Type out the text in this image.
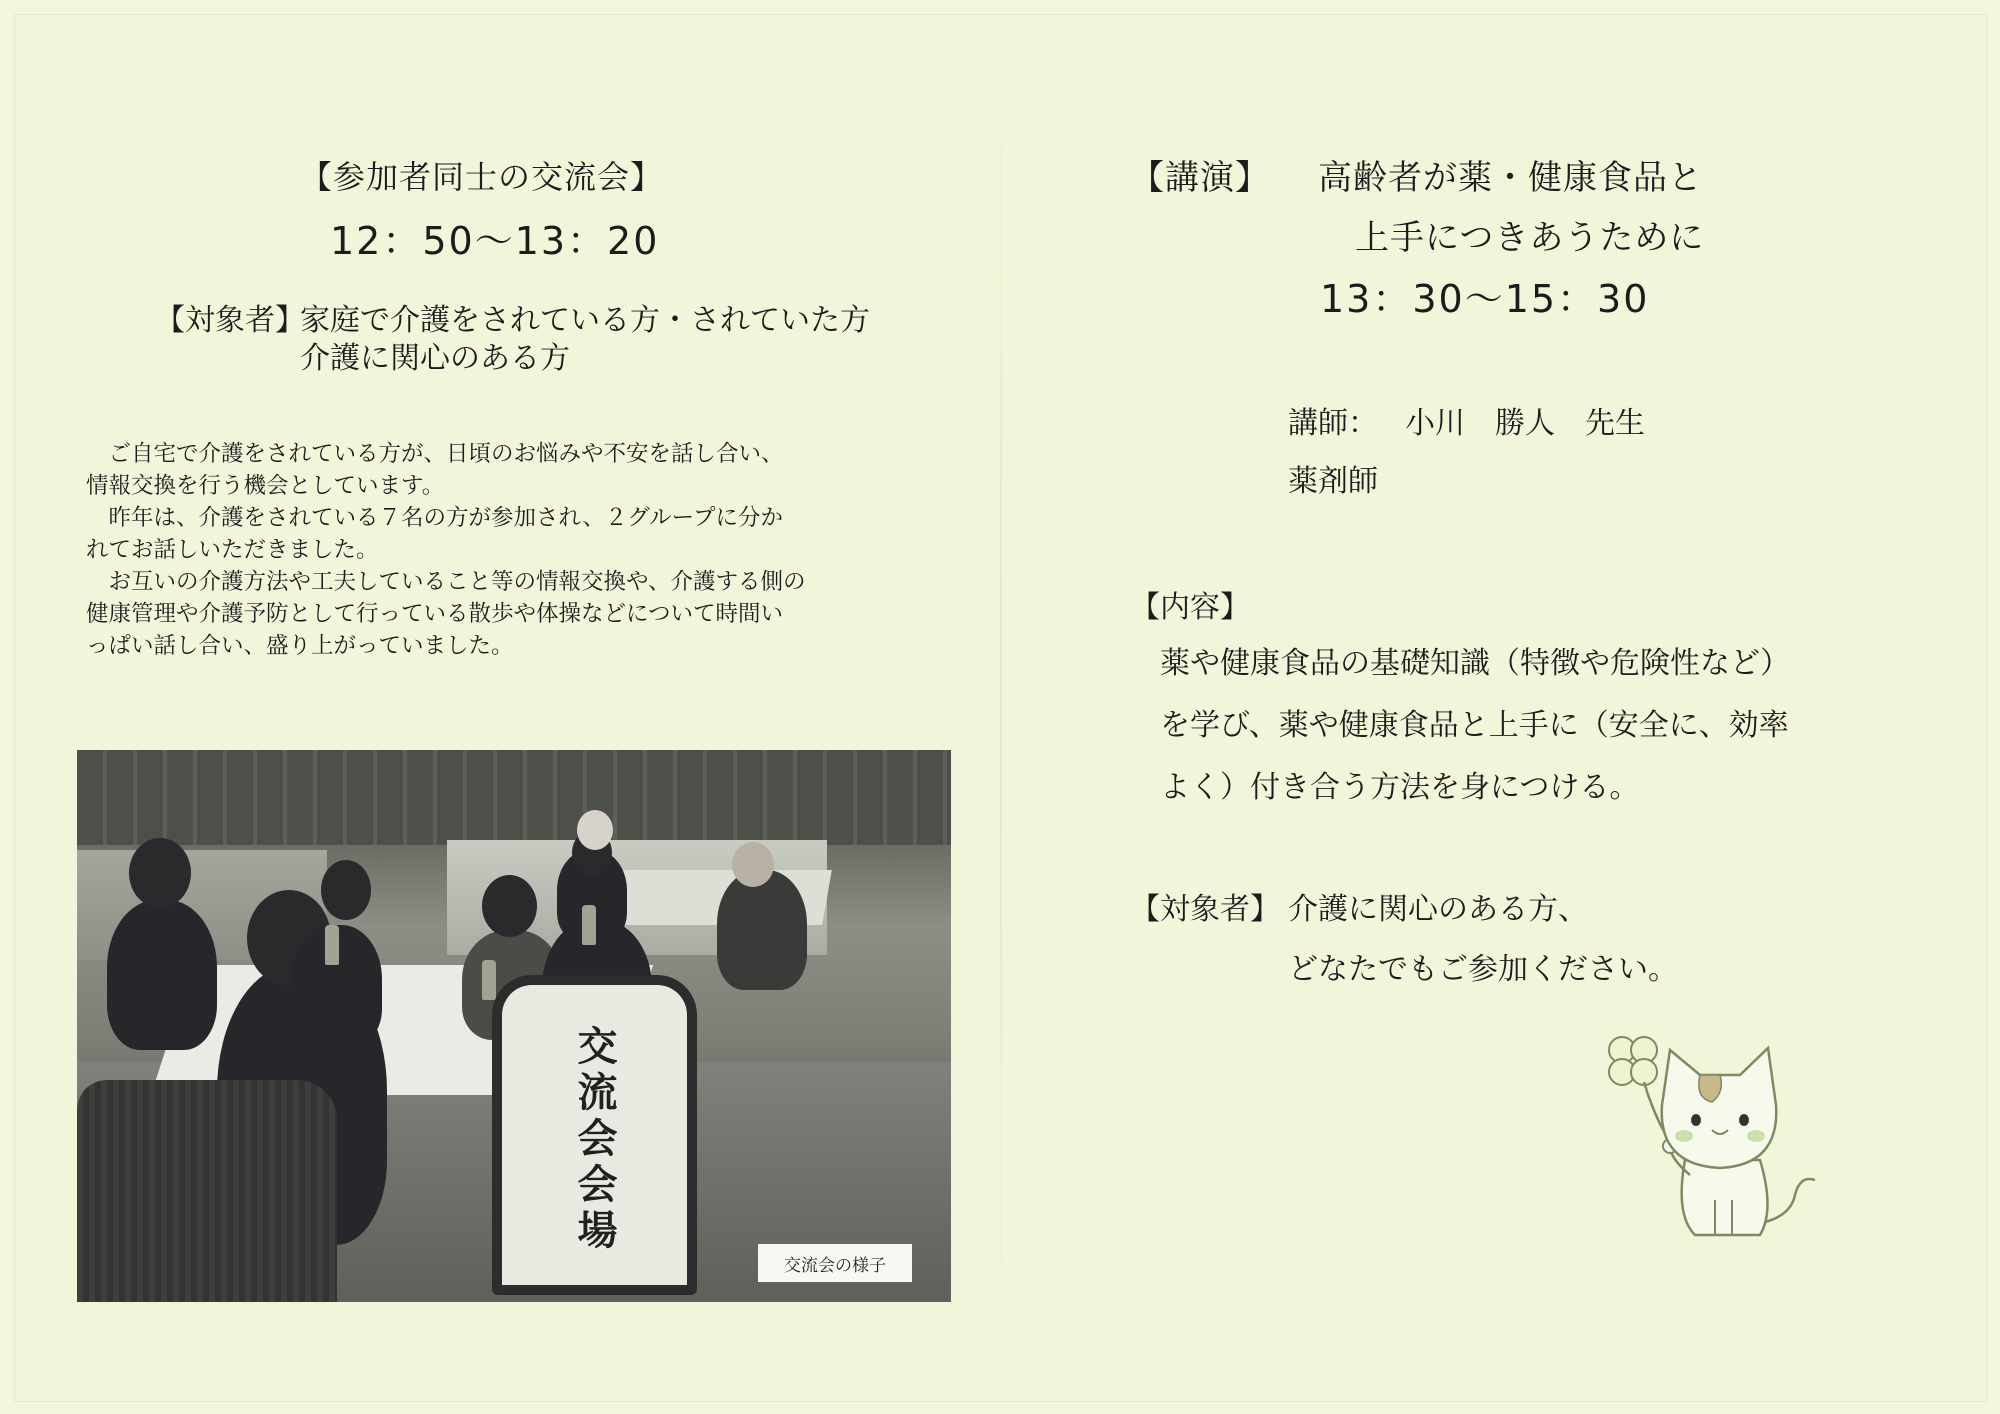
【参加者同士の交流会】
12：50～13：20
【対象者】
家庭で介護をされている方・されていた方
介護に関心のある方

　ご自宅で介護をされている方が、日頃のお悩みや不安を話し合い、

情報交換を行う機会としています。

　昨年は、介護をされている７名の方が参加され、２グループに分か

れてお話しいただきました。

　お互いの介護方法や工夫していること等の情報交換や、介護する側の

健康管理や介護予防として行っている散歩や体操などについて時間い

っぱい話し合い、盛り上がっていました。

交流会会場
交流会の様子
【講演】 高齢者が薬・健康食品と
上手につきあうために
13：30～15：30
講師： 小川　勝人　先生
薬剤師
【内容】
薬や健康食品の基礎知識（特徴や危険性など）
を学び、薬や健康食品と上手に（安全に、効率
よく）付き合う方法を身につける。
【対象者】 介護に関心のある方、
どなたでもご参加ください。
